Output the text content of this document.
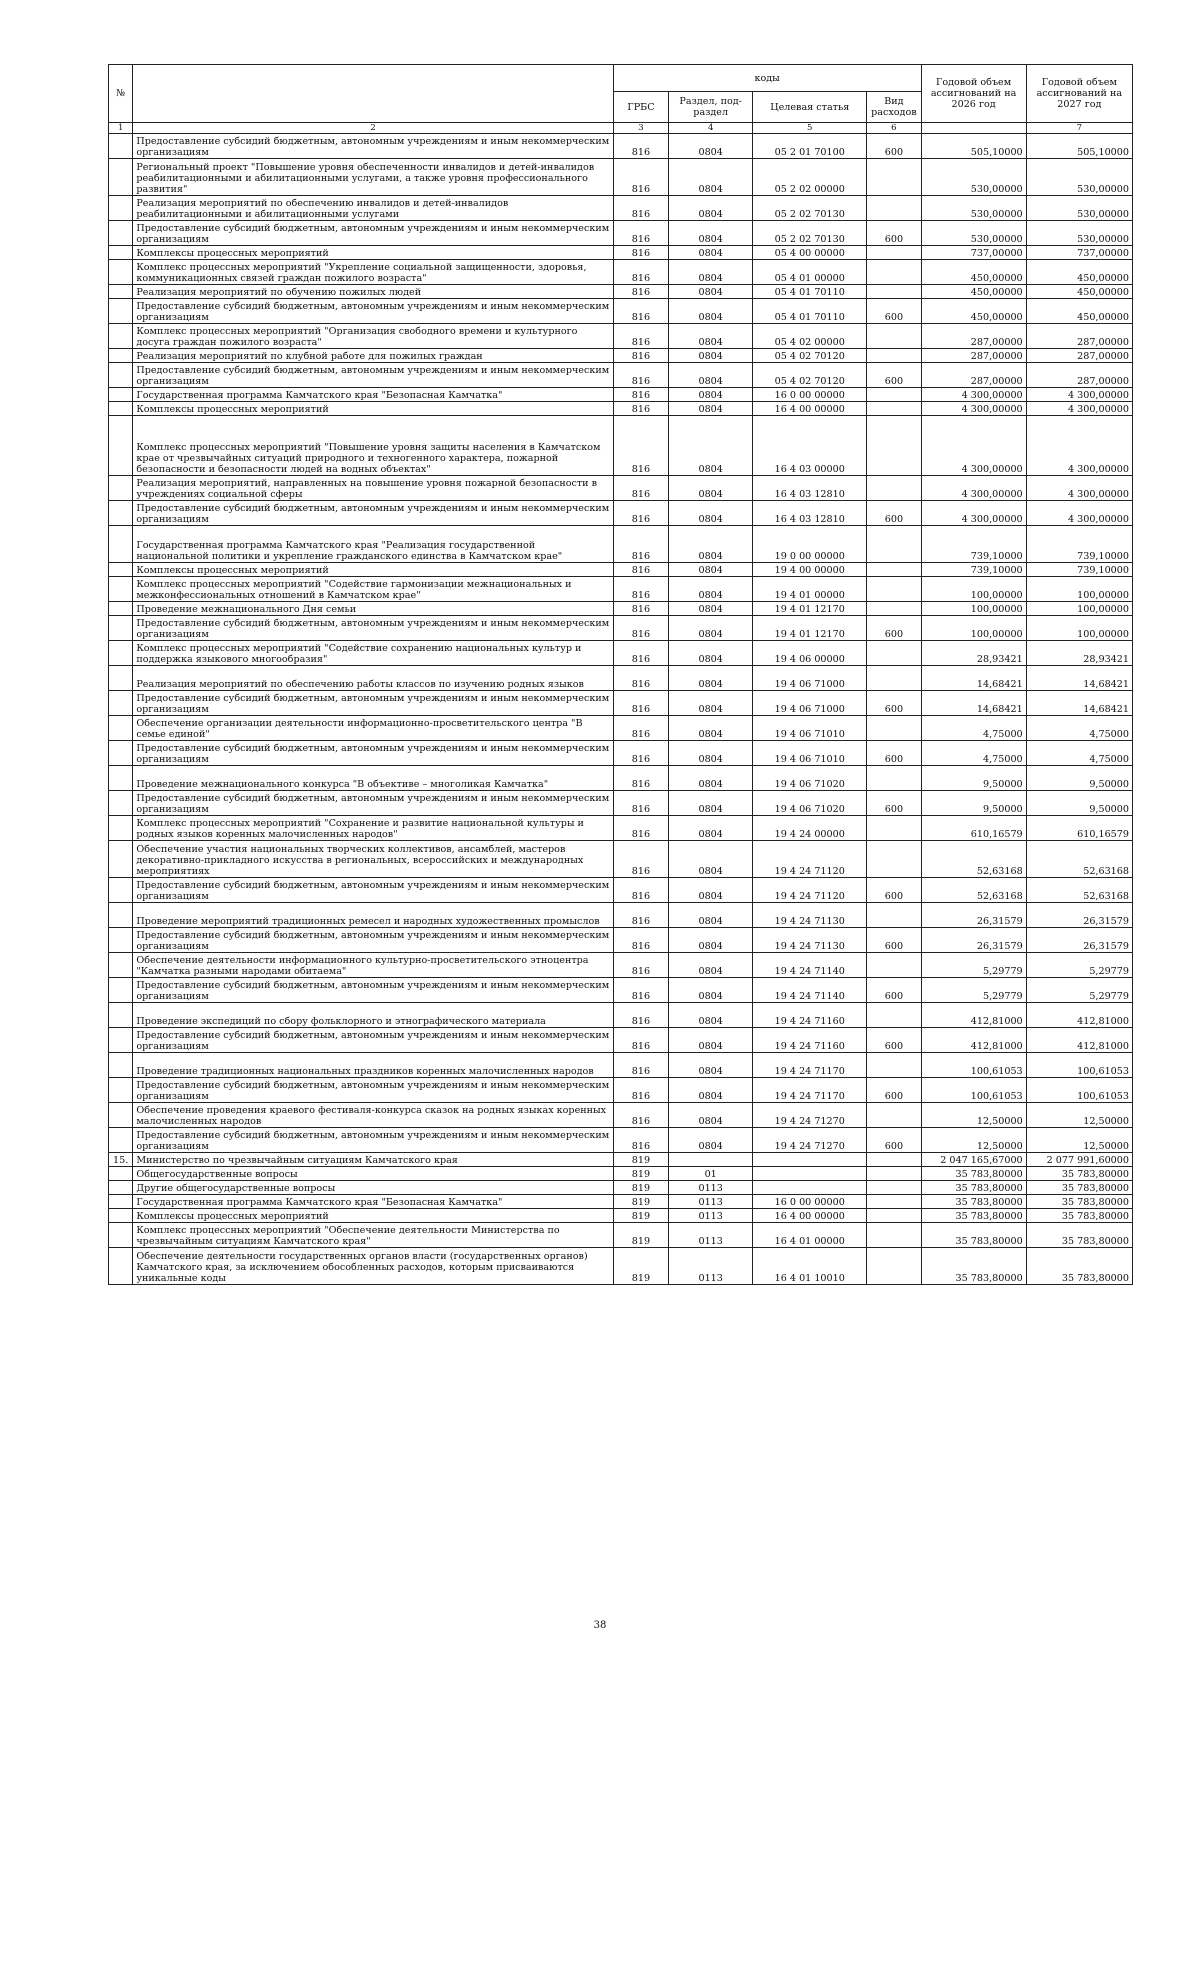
№		коды				Годовой объем ассигнований на 2026 год	Годовой объем ассигнований на 2027 год
		ГРБС	Раздел, под-раздел	Целевая статья	Вид расходов		
1	2	3	4	5	6		7
	Предоставление субсидий бюджетным, автономным учреждениям и иным некоммерческим организациям	816	0804	05 2 01 70100	600	505,10000	505,10000
	Региональный проект "Повышение уровня обеспеченности инвалидов и детей-инвалидов реабилитационными и абилитационными услугами, а также уровня профессионального развития"	816	0804	05 2 02 00000		530,00000	530,00000
	Реализация мероприятий по обеспечению инвалидов и детей-инвалидов реабилитационными и абилитационными услугами	816	0804	05 2 02 70130		530,00000	530,00000
	Предоставление субсидий бюджетным, автономным учреждениям и иным некоммерческим организациям	816	0804	05 2 02 70130	600	530,00000	530,00000
	Комплексы процессных мероприятий	816	0804	05 4 00 00000		737,00000	737,00000
	Комплекс процессных мероприятий "Укрепление социальной защищенности, здоровья, коммуникационных связей граждан пожилого возраста"	816	0804	05 4 01 00000		450,00000	450,00000
	Реализация мероприятий по обучению пожилых людей	816	0804	05 4 01 70110		450,00000	450,00000
	Предоставление субсидий бюджетным, автономным учреждениям и иным некоммерческим организациям	816	0804	05 4 01 70110	600	450,00000	450,00000
	Комплекс процессных мероприятий "Организация свободного времени и культурного досуга граждан пожилого возраста"	816	0804	05 4 02 00000		287,00000	287,00000
	Реализация мероприятий по клубной работе для пожилых граждан	816	0804	05 4 02 70120		287,00000	287,00000
	Предоставление субсидий бюджетным, автономным учреждениям и иным некоммерческим организациям	816	0804	05 4 02 70120	600	287,00000	287,00000
	Государственная программа Камчатского края "Безопасная Камчатка"	816	0804	16 0 00 00000		4 300,00000	4 300,00000
	Комплексы процессных мероприятий	816	0804	16 4 00 00000		4 300,00000	4 300,00000
	Комплекс процессных мероприятий "Повышение уровня защиты населения в Камчатском крае от чрезвычайных ситуаций природного и техногенного характера, пожарной безопасности и безопасности людей на водных объектах"	816	0804	16 4 03 00000		4 300,00000	4 300,00000
	Реализация мероприятий, направленных на повышение уровня пожарной безопасности в учреждениях социальной сферы	816	0804	16 4 03 12810		4 300,00000	4 300,00000
	Предоставление субсидий бюджетным, автономным учреждениям и иным некоммерческим организациям	816	0804	16 4 03 12810	600	4 300,00000	4 300,00000
	Государственная программа Камчатского края "Реализация государственной национальной политики и укрепление гражданского единства в Камчатском крае"	816	0804	19 0 00 00000		739,10000	739,10000
	Комплексы процессных мероприятий	816	0804	19 4 00 00000		739,10000	739,10000
	Комплекс процессных мероприятий "Содействие гармонизации межнациональных и межконфессиональных отношений в Камчатском крае"	816	0804	19 4 01 00000		100,00000	100,00000
	Проведение межнационального Дня семьи	816	0804	19 4 01 12170		100,00000	100,00000
	Предоставление субсидий бюджетным, автономным учреждениям и иным некоммерческим организациям	816	0804	19 4 01 12170	600	100,00000	100,00000
	Комплекс процессных мероприятий "Содействие сохранению национальных культур и поддержка языкового многообразия"	816	0804	19 4 06 00000		28,93421	28,93421
	Реализация мероприятий по обеспечению работы классов по изучению родных языков	816	0804	19 4 06 71000		14,68421	14,68421
	Предоставление субсидий бюджетным, автономным учреждениям и иным некоммерческим организациям	816	0804	19 4 06 71000	600	14,68421	14,68421
	Обеспечение организации деятельности информационно-просветительского центра "В семье единой"	816	0804	19 4 06 71010		4,75000	4,75000
	Предоставление субсидий бюджетным, автономным учреждениям и иным некоммерческим организациям	816	0804	19 4 06 71010	600	4,75000	4,75000
	Проведение межнационального конкурса "В объективе – многоликая Камчатка"	816	0804	19 4 06 71020		9,50000	9,50000
	Предоставление субсидий бюджетным, автономным учреждениям и иным некоммерческим организациям	816	0804	19 4 06 71020	600	9,50000	9,50000
	Комплекс процессных мероприятий "Сохранение и развитие национальной культуры и родных языков коренных малочисленных народов"	816	0804	19 4 24 00000		610,16579	610,16579
	Обеспечение участия национальных творческих коллективов, ансамблей, мастеров декоративно-прикладного искусства в региональных, всероссийских и международных мероприятиях	816	0804	19 4 24 71120		52,63168	52,63168
	Предоставление субсидий бюджетным, автономным учреждениям и иным некоммерческим организациям	816	0804	19 4 24 71120	600	52,63168	52,63168
	Проведение мероприятий традиционных ремесел и народных художественных промыслов	816	0804	19 4 24 71130		26,31579	26,31579
	Предоставление субсидий бюджетным, автономным учреждениям и иным некоммерческим организациям	816	0804	19 4 24 71130	600	26,31579	26,31579
	Обеспечение деятельности информационного культурно-просветительского этноцентра "Камчатка разными народами обитаема"	816	0804	19 4 24 71140		5,29779	5,29779
	Предоставление субсидий бюджетным, автономным учреждениям и иным некоммерческим организациям	816	0804	19 4 24 71140	600	5,29779	5,29779
	Проведение экспедиций по сбору фольклорного и этнографического материала	816	0804	19 4 24 71160		412,81000	412,81000
	Предоставление субсидий бюджетным, автономным учреждениям и иным некоммерческим организациям	816	0804	19 4 24 71160	600	412,81000	412,81000
	Проведение традиционных национальных праздников коренных малочисленных народов	816	0804	19 4 24 71170		100,61053	100,61053
	Предоставление субсидий бюджетным, автономным учреждениям и иным некоммерческим организациям	816	0804	19 4 24 71170	600	100,61053	100,61053
	Обеспечение проведения краевого фестиваля-конкурса сказок на родных языках коренных малочисленных народов	816	0804	19 4 24 71270		12,50000	12,50000
	Предоставление субсидий бюджетным, автономным учреждениям и иным некоммерческим организациям	816	0804	19 4 24 71270	600	12,50000	12,50000
15.	Министерство по чрезвычайным ситуациям Камчатского края	819				2 047 165,67000	2 077 991,60000
	Общегосударственные вопросы	819	01			35 783,80000	35 783,80000
	Другие общегосударственные вопросы	819	0113			35 783,80000	35 783,80000
	Государственная программа Камчатского края "Безопасная Камчатка"	819	0113	16 0 00 00000		35 783,80000	35 783,80000
	Комплексы процессных мероприятий	819	0113	16 4 00 00000		35 783,80000	35 783,80000
	Комплекс процессных мероприятий "Обеспечение деятельности Министерства по чрезвычайным ситуациям Камчатского края"	819	0113	16 4 01 00000		35 783,80000	35 783,80000
	Обеспечение деятельности государственных органов власти (государственных органов) Камчатского края, за исключением обособленных расходов, которым присваиваются уникальные коды	819	0113	16 4 01 10010		35 783,80000	35 783,80000
38
